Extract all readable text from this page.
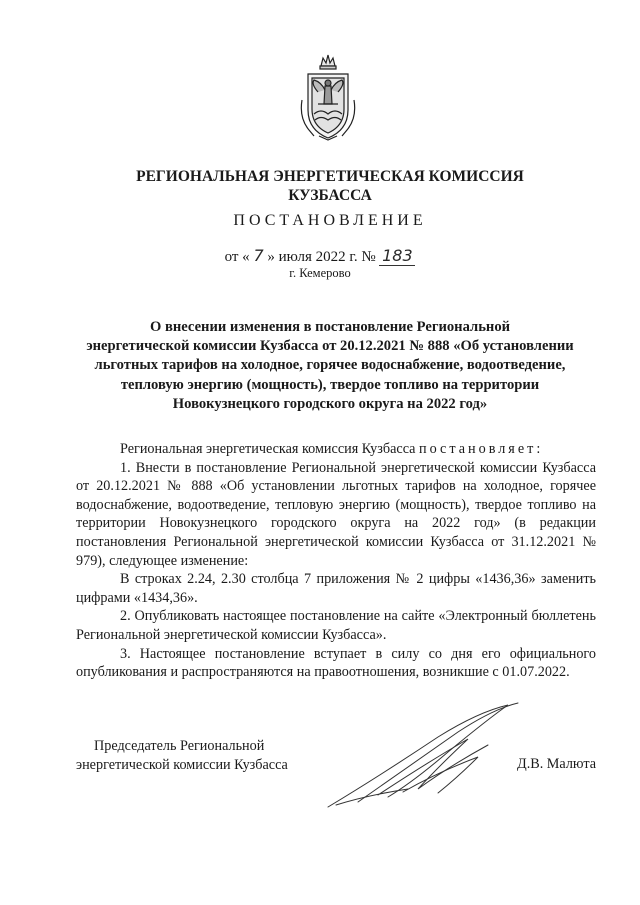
РЕГИОНАЛЬНАЯ ЭНЕРГЕТИЧЕСКАЯ КОМИССИЯ
КУЗБАССА
ПОСТАНОВЛЕНИЕ
от « 7 » июля 2022 г. № 183
г. Кемерово
О внесении изменения в постановление Региональной
энергетической комиссии Кузбасса от 20.12.2021 № 888 «Об установлении
льготных тарифов на холодное, горячее водоснабжение, водоотведение,
тепловую энергию (мощность), твердое топливо на территории
Новокузнецкого городского округа на 2022 год»

Региональная энергетическая комиссия Кузбасса постановляет:

1. Внести в постановление Региональной энергетической комиссии Кузбасса от 20.12.2021 № 888 «Об установлении льготных тарифов на холодное, горячее водоснабжение, водоотведение, тепловую энергию (мощность), твердое топливо на территории Новокузнецкого городского округа на 2022 год» (в редакции постановления Региональной энергетической комиссии Кузбасса от 31.12.2021 № 979), следующее изменение:

В строках 2.24, 2.30 столбца 7 приложения № 2 цифры «1436,36» заменить цифрами «1434,36».

2. Опубликовать настоящее постановление на сайте «Электронный бюллетень Региональной энергетической комиссии Кузбасса».

3. Настоящее постановление вступает в силу со дня его официального опубликования и распространяются на правоотношения, возникшие с 01.07.2022.

Председатель Региональной
энергетической комиссии Кузбасса	Д.В. Малюта
